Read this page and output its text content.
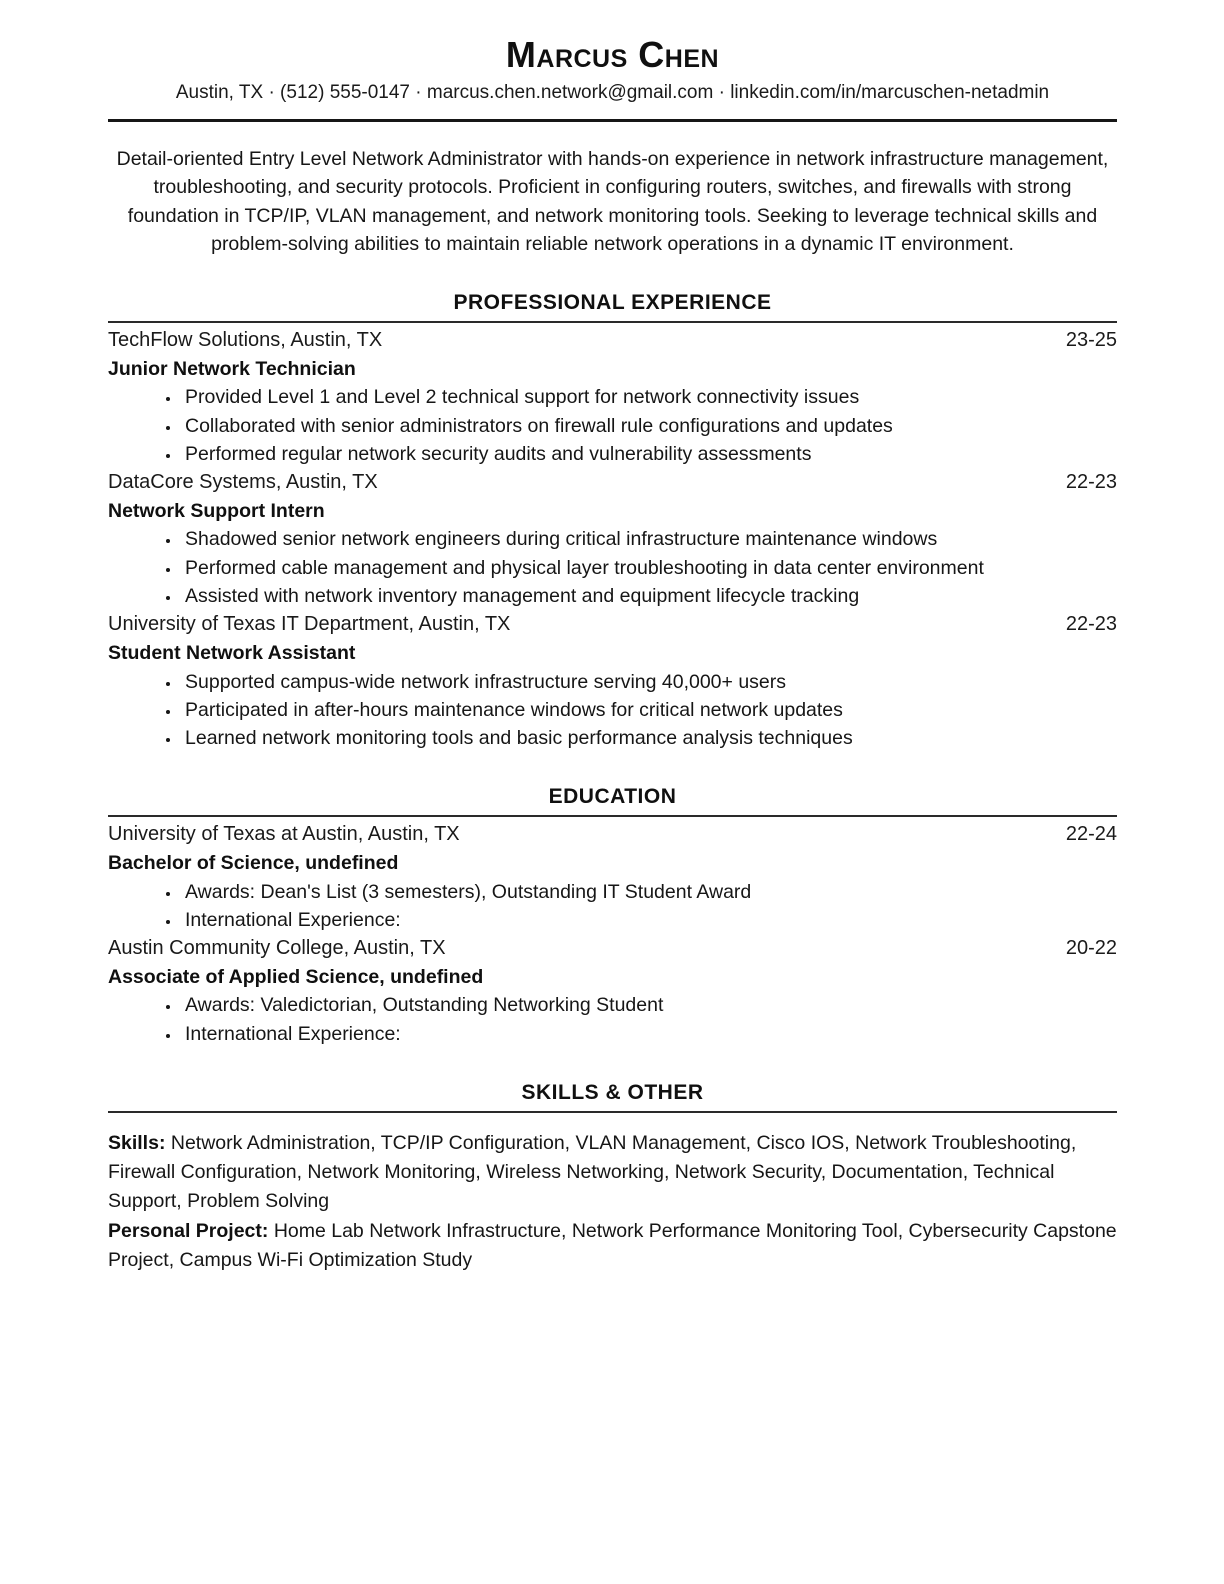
Marcus Chen

Austin, TX · (512) 555-0147 · marcus.chen.network@gmail.com · linkedin.com/in/marcuschen-netadmin

Detail-oriented Entry Level Network Administrator with hands-on experience in network infrastructure management, troubleshooting, and security protocols. Proficient in configuring routers, switches, and firewalls with strong foundation in TCP/IP, VLAN management, and network monitoring tools. Seeking to leverage technical skills and problem-solving abilities to maintain reliable network operations in a dynamic IT environment.

PROFESSIONAL EXPERIENCE
TechFlow Solutions, Austin, TX	23-25
Junior Network Technician
• Provided Level 1 and Level 2 technical support for network connectivity issues
• Collaborated with senior administrators on firewall rule configurations and updates
• Performed regular network security audits and vulnerability assessments
DataCore Systems, Austin, TX	22-23
Network Support Intern
• Shadowed senior network engineers during critical infrastructure maintenance windows
• Performed cable management and physical layer troubleshooting in data center environment
• Assisted with network inventory management and equipment lifecycle tracking
University of Texas IT Department, Austin, TX	22-23
Student Network Assistant
• Supported campus-wide network infrastructure serving 40,000+ users
• Participated in after-hours maintenance windows for critical network updates
• Learned network monitoring tools and basic performance analysis techniques
EDUCATION
University of Texas at Austin, Austin, TX	22-24
Bachelor of Science, undefined
• Awards: Dean's List (3 semesters), Outstanding IT Student Award
• International Experience:
Austin Community College, Austin, TX	20-22
Associate of Applied Science, undefined
• Awards: Valedictorian, Outstanding Networking Student
• International Experience:
SKILLS & OTHER

Skills: Network Administration, TCP/IP Configuration, VLAN Management, Cisco IOS, Network Troubleshooting, Firewall Configuration, Network Monitoring, Wireless Networking, Network Security, Documentation, Technical Support, Problem Solving

Personal Project: Home Lab Network Infrastructure, Network Performance Monitoring Tool, Cybersecurity Capstone Project, Campus Wi-Fi Optimization Study
